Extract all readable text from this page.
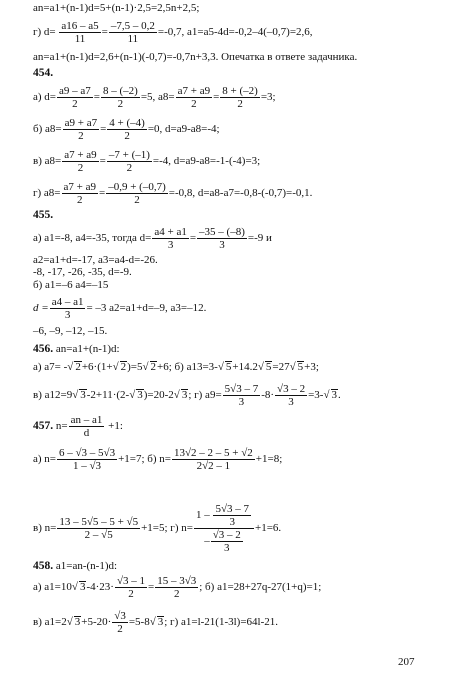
an=a1+(n-1)d=5+(n-1)·2,5=2,5n+2,5;
г) $d= \frac{a16 - a5}{11} = \frac{-7,5 - 0,2}{11} =-0,7$, a1=a5-4d=-0,2–4(–0,7)=2,6,
an=a1+(n-1)d=2,6+(n-1)(-0,7)=-0,7n+3,3. Опечатка в ответе задачника.
454.
а) $d= \frac{a9 - a7}{2} = \frac{8 - (-2)}{2} =5$, $a8= \frac{a7 + a9}{2} = \frac{8 + (-2)}{2} =3$;
б) $a8= \frac{a9 + a7}{2} = \frac{4 + (-4)}{2} =0$, d=a9-a8=-4;
в) $a8= \frac{a7 + a9}{2} = \frac{-7 + (-1)}{2} =-4$, d=a9-a8=-1-(-4)=3;
г) $a8= \frac{a7 + a9}{2} = \frac{-0,9 + (-0,7)}{2} =-0,8$, d=a8-a7=-0,8-(-0,7)=-0,1.
455.
а) a1=-8, a4=-35, тогда $d= \frac{a4 + a1}{3} = \frac{-35 - (-8)}{3} =-9$ и
a2=a1+d=-17, a3=a4-d=-26.
-8, -17, -26, -35, d=-9.
б) a1=–6 a4=–15
$d = \frac{a4 - a1}{3} = -3$ a2=a1+d=–9, a3=–12.
–6, –9, –12, –15.
456. an=a1+(n-1)d:
а) a7= -√ 2+6·(1+√ 2)=5√ 2+6; б) a13=3-√ 5+14.2√ 5=27√ 5+3;
в) a12=9√ 3-2+11·(2-√ 3)=20-2√ 3; г) $a9= \frac{5√3 - 7}{3} -8\cdot \frac{√3 - 2}{3} =3-√$ 3.
457. $n= \frac{an - a1}{d} +1$:
а) $n= \frac{6 - √3 - 5√3}{1 - √3} +1=7$; б) $n= \frac{13√2 - 2 - 5 + √2}{2√2 - 1} +1=8$;
в) $n= \frac{13 - 5√5 - 5 + √5}{2 - √5} +1=5$; г) $n= \frac{1 - \frac{5√3 - 7}{3}}{- \frac{√3 - 2}{3}} +1=6$.
458. a1=an-(n-1)d:
а) a1=10√ $3-4\cdot 23\cdot \frac{√3 - 1}{2} = \frac{15 - 3√3}{2}$ ; б) a1=28+27q-27(1+q)=1;
в) a1=2√ $3+5-20\cdot \frac{√3}{2} =5-8√$ 3; г) a1=l-21(1-3l)=64l-21.
207
